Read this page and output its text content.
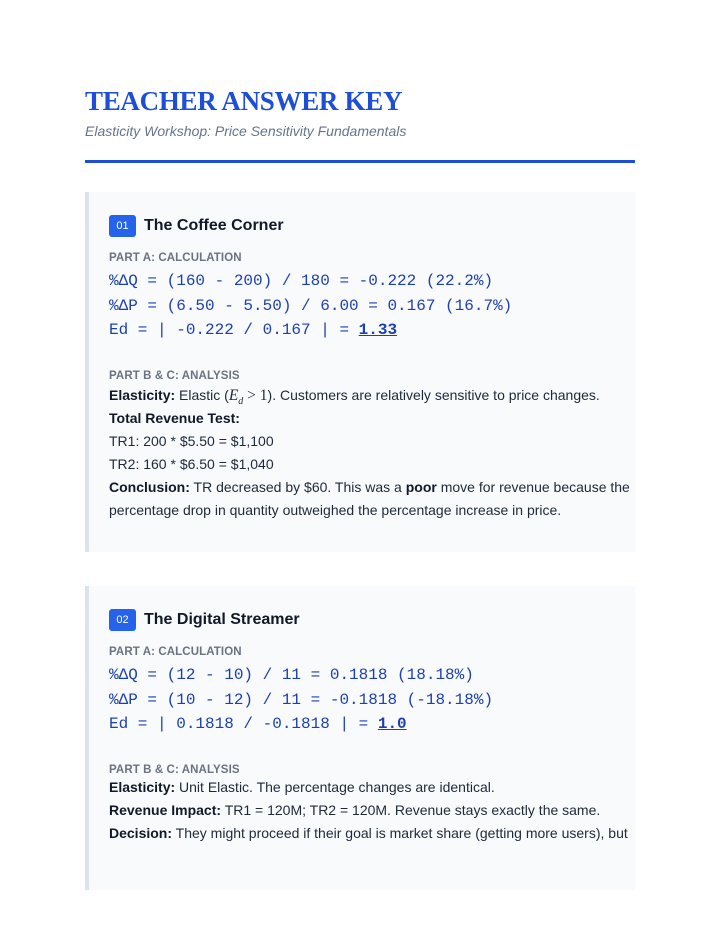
TEACHER ANSWER KEY
Elasticity Workshop: Price Sensitivity Fundamentals
01 The Coffee Corner
PART A: CALCULATION
%ΔQ = (160 - 200) / 180 = -0.222 (22.2%)
%ΔP = (6.50 - 5.50) / 6.00 = 0.167 (16.7%)
Ed = | -0.222 / 0.167 | = 1.33
PART B & C: ANALYSIS
Elasticity: Elastic $(E_d > 1)$. Customers are relatively sensitive to price changes.
Total Revenue Test:
TR1: 200 * $5.50 = $1,100
TR2: 160 * $6.50 = $1,040
Conclusion: TR decreased by $60. This was a poor move for revenue because the
percentage drop in quantity outweighed the percentage increase in price.
02 The Digital Streamer
PART A: CALCULATION
%ΔQ = (12 - 10) / 11 = 0.1818 (18.18%)
%ΔP = (10 - 12) / 11 = -0.1818 (-18.18%)
Ed = | 0.1818 / -0.1818 | = 1.0
PART B & C: ANALYSIS
Elasticity: Unit Elastic. The percentage changes are identical.
Revenue Impact: TR1 = 120M; TR2 = 120M. Revenue stays exactly the same.
Decision: They might proceed if their goal is market share (getting more users), but
